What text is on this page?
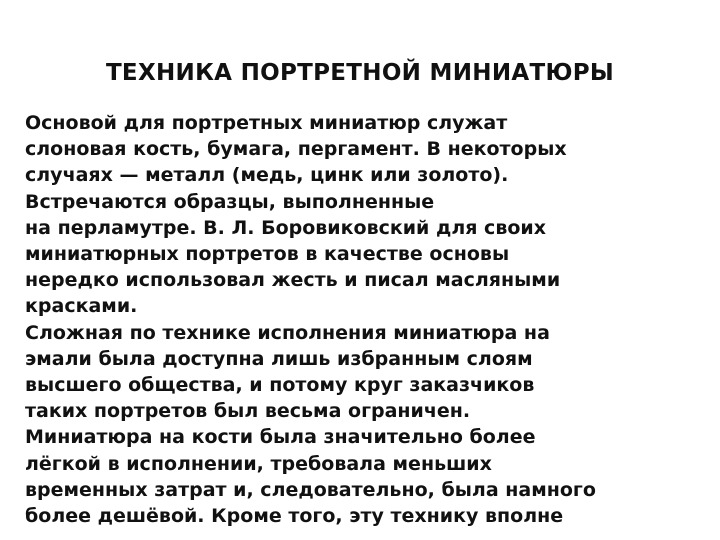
ТЕХНИКА ПОРТРЕТНОЙ МИНИАТЮРЫ
Основой для портретных миниатюр служат
слоновая кость, бумага, пергамент. В некоторых
случаях — металл (медь, цинк или золото).
Встречаются образцы, выполненные
на перламутре. В. Л. Боровиковский для своих
миниатюрных портретов в качестве основы
нередко использовал жесть и писал масляными
красками.
Сложная по технике исполнения миниатюра на
эмали была доступна лишь избранным слоям
высшего общества, и потому круг заказчиков
таких портретов был весьма ограничен.
Миниатюра на кости была значительно более
лёгкой в исполнении, требовала меньших
временных затрат и, следовательно, была намного
более дешёвой. Кроме того, эту технику вполне
